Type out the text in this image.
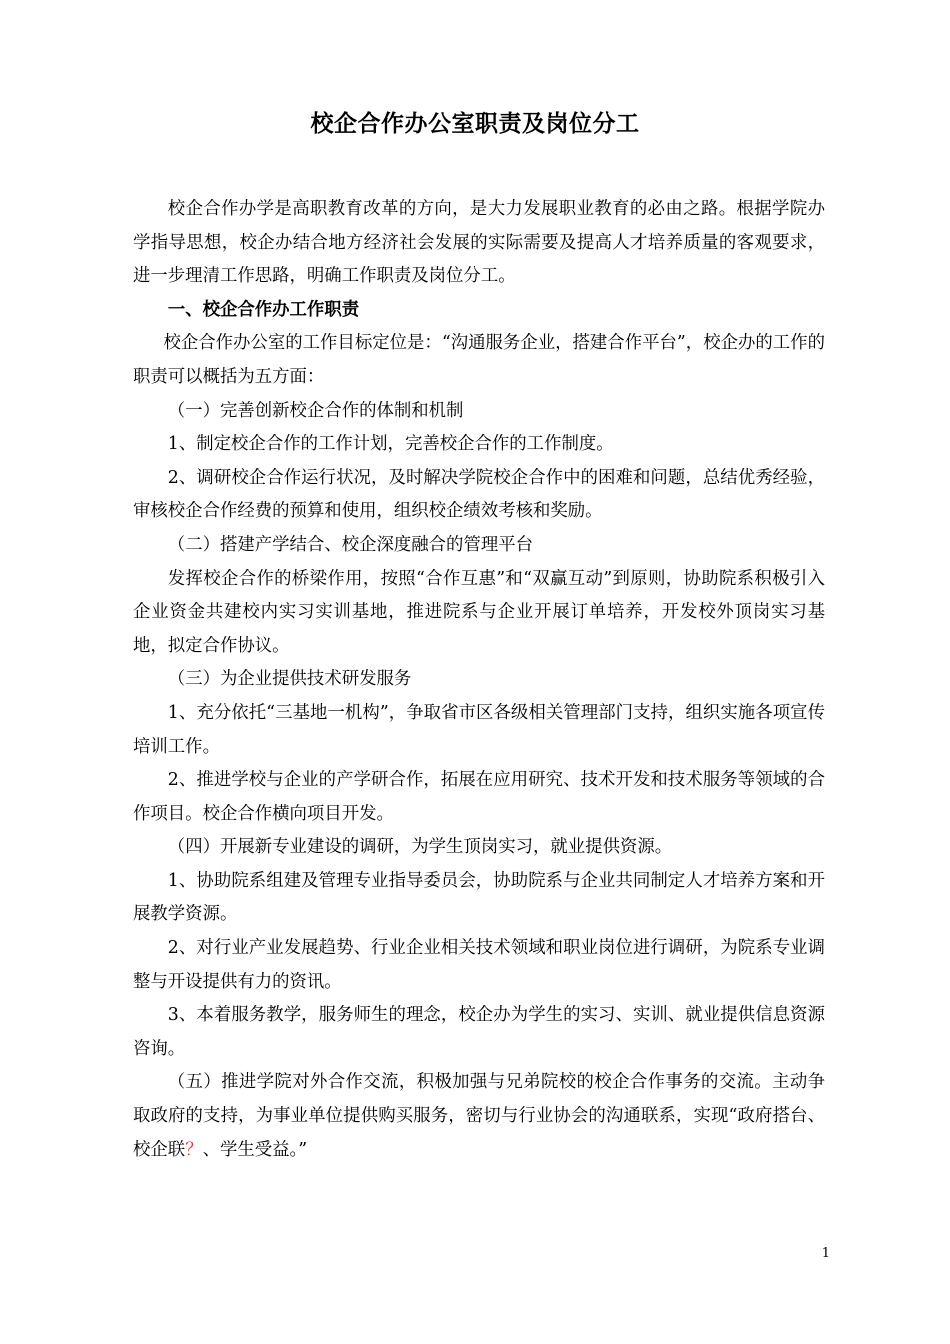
校企合作办公室职责及岗位分工

校企合作办学是高职教育改革的方向，是大力发展职业教育的必由之路。根据学院办学指导思想，校企办结合地方经济社会发展的实际需要及提高人才培养质量的客观要求，进一步理清工作思路，明确工作职责及岗位分工。

一、校企合作办工作职责

校企合作办公室的工作目标定位是：“沟通服务企业，搭建合作平台”，校企办的工作的职责可以概括为五方面：

（一）完善创新校企合作的体制和机制

1、制定校企合作的工作计划，完善校企合作的工作制度。

2、调研校企合作运行状况，及时解决学院校企合作中的困难和问题，总结优秀经验，审核校企合作经费的预算和使用，组织校企绩效考核和奖励。

（二）搭建产学结合、校企深度融合的管理平台

发挥校企合作的桥梁作用，按照“合作互惠”和“双赢互动”到原则，协助院系积极引入企业资金共建校内实习实训基地，推进院系与企业开展订单培养，开发校外顶岗实习基地，拟定合作协议。

（三）为企业提供技术研发服务

1、充分依托“三基地一机构”，争取省市区各级相关管理部门支持，组织实施各项宣传培训工作。

2、推进学校与企业的产学研合作，拓展在应用研究、技术开发和技术服务等领域的合作项目。校企合作横向项目开发。

（四）开展新专业建设的调研，为学生顶岗实习，就业提供资源。

1、协助院系组建及管理专业指导委员会，协助院系与企业共同制定人才培养方案和开展教学资源。

2、对行业产业发展趋势、行业企业相关技术领域和职业岗位进行调研，为院系专业调整与开设提供有力的资讯。

3、本着服务教学，服务师生的理念，校企办为学生的实习、实训、就业提供信息资源咨询。

（五）推进学院对外合作交流，积极加强与兄弟院校的校企合作事务的交流。主动争取政府的支持，为事业单位提供购买服务，密切与行业协会的沟通联系，实现“政府搭台、校企联？、学生受益。”

1
